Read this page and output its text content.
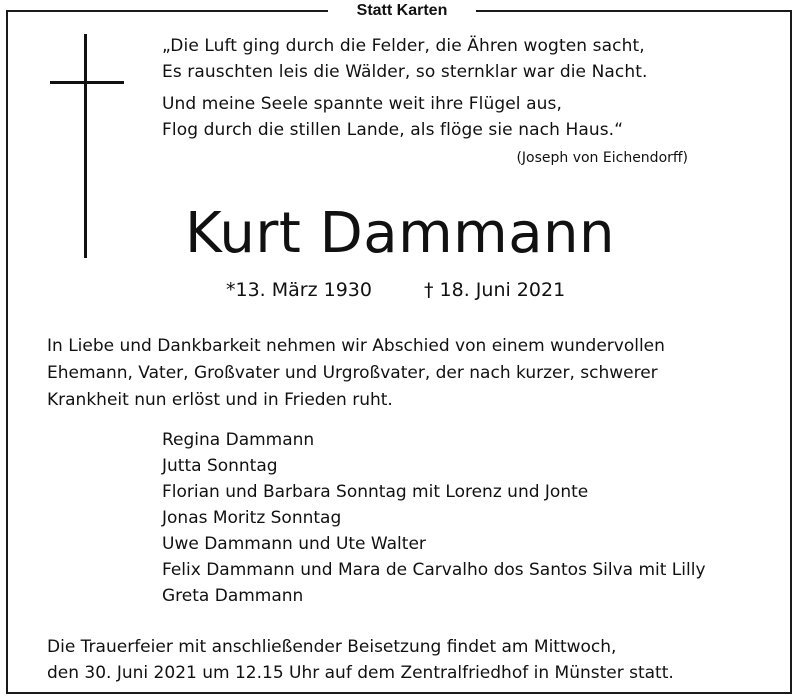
Statt Karten
„Die Luft ging durch die Felder, die Ähren wogten sacht,
Es rauschten leis die Wälder, so sternklar war die Nacht.
Und meine Seele spannte weit ihre Flügel aus,
Flog durch die stillen Lande, als flöge sie nach Haus.“
(Joseph von Eichendorff)
Kurt Dammann
*13. März 1930	† 18. Juni 2021
In Liebe und Dankbarkeit nehmen wir Abschied von einem wundervollen
Ehemann, Vater, Großvater und Urgroßvater, der nach kurzer, schwerer
Krankheit nun erlöst und in Frieden ruht.
Regina Dammann
Jutta Sonntag
Florian und Barbara Sonntag mit Lorenz und Jonte
Jonas Moritz Sonntag
Uwe Dammann und Ute Walter
Felix Dammann und Mara de Carvalho dos Santos Silva mit Lilly
Greta Dammann
Die Trauerfeier mit anschließender Beisetzung findet am Mittwoch,
den 30. Juni 2021 um 12.15 Uhr auf dem Zentralfriedhof in Münster statt.
